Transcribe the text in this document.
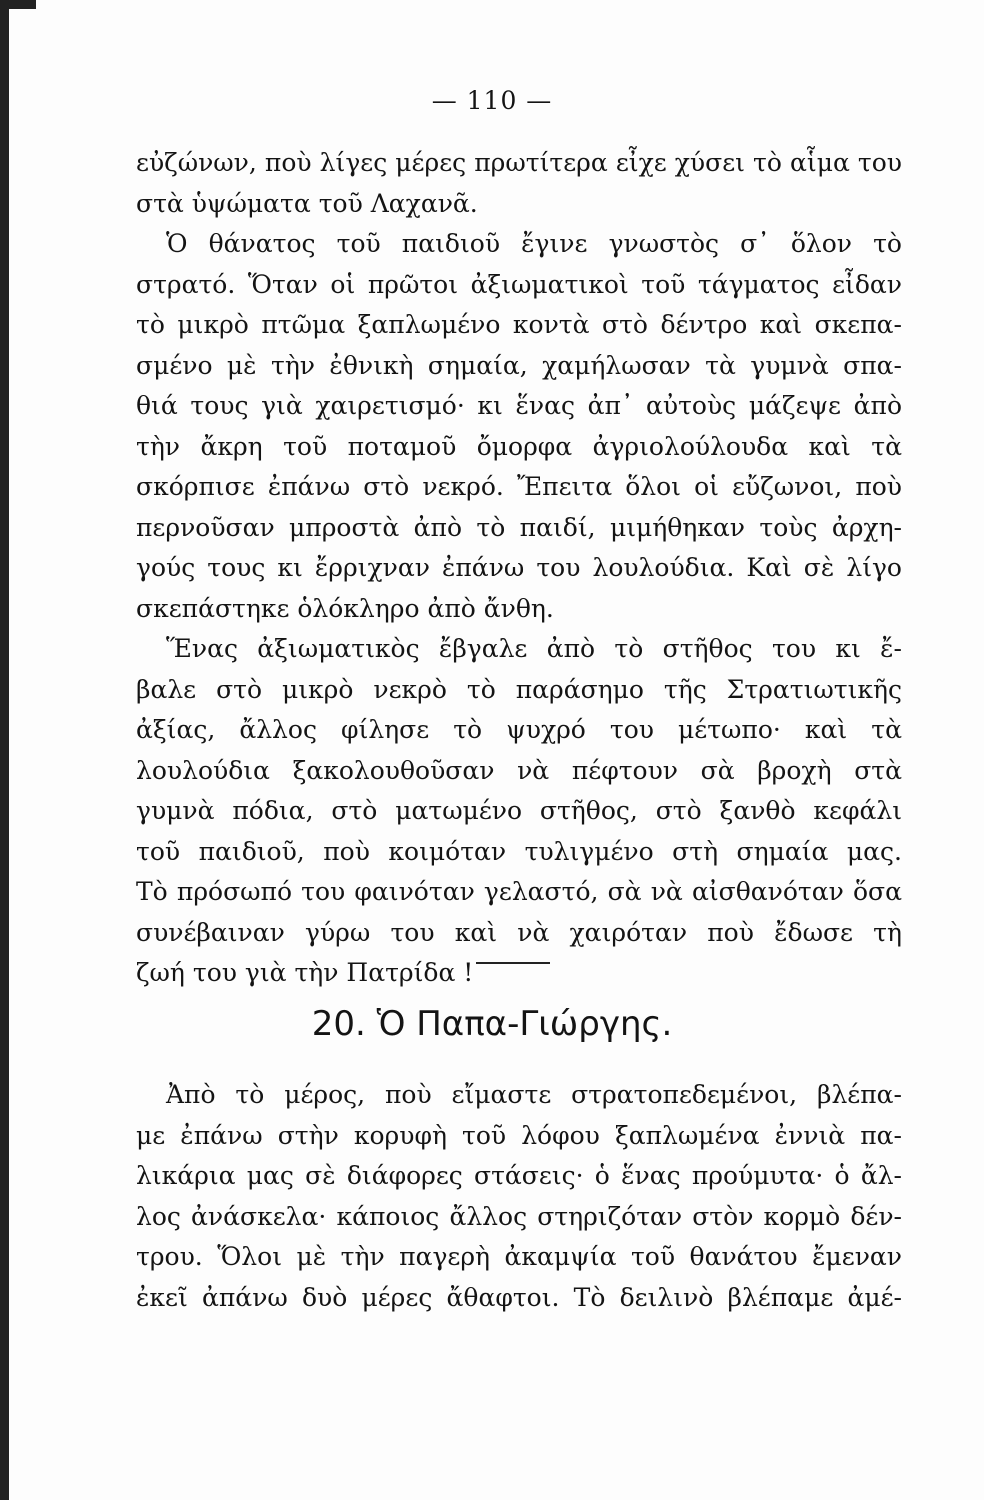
— 110 —
εὐζώνων, ποὺ λίγες μέρες πρωτίτερα εἶχε χύσει τὸ αἷμα του
στὰ ὑψώματα τοῦ Λαχανᾶ.
Ὁ θάνατος τοῦ παιδιοῦ ἔγινε γνωστὸς σ᾿ ὅλον τὸ
στρατό. Ὅταν οἱ πρῶτοι ἀξιωματικοὶ τοῦ τάγματος εἶδαν
τὸ μικρὸ πτῶμα ξαπλωμένο κοντὰ στὸ δέντρο καὶ σκεπα-
σμένο μὲ τὴν ἐθνικὴ σημαία, χαμήλωσαν τὰ γυμνὰ σπα-
θιά τους γιὰ χαιρετισμό· κι ἕνας ἀπ᾿ αὐτοὺς μάζεψε ἀπὸ
τὴν ἄκρη τοῦ ποταμοῦ ὄμορφα ἀγριολούλουδα καὶ τὰ
σκόρπισε ἐπάνω στὸ νεκρό. Ἔπειτα ὅλοι οἱ εὔζωνοι, ποὺ
περνοῦσαν μπροστὰ ἀπὸ τὸ παιδί, μιμήθηκαν τοὺς ἀρχη-
γούς τους κι ἔρριχναν ἐπάνω του λουλούδια. Καὶ σὲ λίγο
σκεπάστηκε ὁλόκληρο ἀπὸ ἄνθη.
Ἕνας ἀξιωματικὸς ἔβγαλε ἀπὸ τὸ στῆθος του κι ἔ-
βαλε στὸ μικρὸ νεκρὸ τὸ παράσημο τῆς Στρατιωτικῆς
ἀξίας, ἄλλος φίλησε τὸ ψυχρό του μέτωπο· καὶ τὰ
λουλούδια ξακολουθοῦσαν νὰ πέφτουν σὰ βροχὴ στὰ
γυμνὰ πόδια, στὸ ματωμένο στῆθος, στὸ ξανθὸ κεφάλι
τοῦ παιδιοῦ, ποὺ κοιμόταν τυλιγμένο στὴ σημαία μας.
Τὸ πρόσωπό του φαινόταν γελαστό, σὰ νὰ αἰσθανόταν ὅσα
συνέβαιναν γύρω του καὶ νὰ χαιρόταν ποὺ ἔδωσε τὴ
ζωή του γιὰ τὴν Πατρίδα !
20. Ὁ Παπα-Γιώργης.
Ἀπὸ τὸ μέρος, ποὺ εἴμαστε στρατοπεδεμένοι, βλέπα-
με ἐπάνω στὴν κορυφὴ τοῦ λόφου ξαπλωμένα ἐννιὰ πα-
λικάρια μας σὲ διάφορες στάσεις· ὁ ἕνας προύμυτα· ὁ ἄλ-
λος ἀνάσκελα· κάποιος ἄλλος στηριζόταν στὸν κορμὸ δέν-
τρου. Ὅλοι μὲ τὴν παγερὴ ἀκαμψία τοῦ θανάτου ἔμεναν
ἐκεῖ ἀπάνω δυὸ μέρες ἄθαφτοι. Τὸ δειλινὸ βλέπαμε ἀμέ-
